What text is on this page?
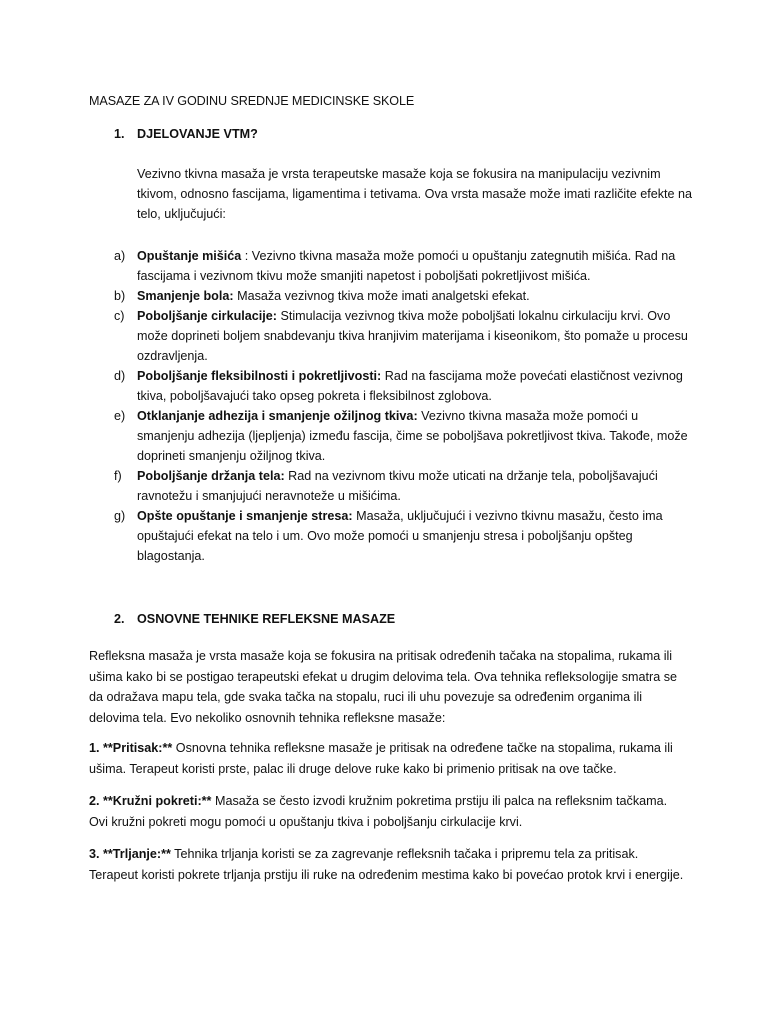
MASAZE ZA IV GODINU SREDNJE MEDICINSKE SKOLE
1. DJELOVANJE VTM?
Vezivno tkivna masaža je vrsta terapeutske masaže koja se fokusira na manipulaciju vezivnim tkivom, odnosno fascijama, ligamentima i tetivama. Ova vrsta masaže može imati različite efekte na telo, uključujući:
a) Opuštanje mišića : Vezivno tkivna masaža može pomoći u opuštanju zategnutih mišića. Rad na fascijama i vezivnom tkivu može smanjiti napetost i poboljšati pokretljivost mišića.
b) Smanjenje bola: Masaža vezivnog tkiva može imati analgetski efekat.
c) Poboljšanje cirkulacije: Stimulacija vezivnog tkiva može poboljšati lokalnu cirkulaciju krvi. Ovo može doprineti boljem snabdevanju tkiva hranjivim materijama i kiseonikom, što pomaže u procesu ozdravljenja.
d) Poboljšanje fleksibilnosti i pokretljivosti: Rad na fascijama može povećati elastičnost vezivnog tkiva, poboljšavajući tako opseg pokreta i fleksibilnost zglobova.
e) Otklanjanje adhezija i smanjenje ožiljnog tkiva: Vezivno tkivna masaža može pomoći u smanjenju adhezija (ljepljenja) između fascija, čime se poboljšava pokretljivost tkiva. Takođe, može doprineti smanjenju ožiljnog tkiva.
f) Poboljšanje držanja tela: Rad na vezivnom tkivu može uticati na držanje tela, poboljšavajući ravnotežu i smanjujući neravnoteže u mišićima.
g) Opšte opuštanje i smanjenje stresa: Masaža, uključujući i vezivno tkivnu masažu, često ima opuštajući efekat na telo i um. Ovo može pomoći u smanjenju stresa i poboljšanju opšteg blagostanja.
2. OSNOVNE TEHNIKE REFLEKSNE MASAZE
Refleksna masaža je vrsta masaže koja se fokusira na pritisak određenih tačaka na stopalima, rukama ili ušima kako bi se postigao terapeutski efekat u drugim delovima tela. Ova tehnika refleksologije smatra se da odražava mapu tela, gde svaka tačka na stopalu, ruci ili uhu povezuje sa određenim organima ili delovima tela. Evo nekoliko osnovnih tehnika refleksne masaže:
1. **Pritisak:** Osnovna tehnika refleksne masaže je pritisak na određene tačke na stopalima, rukama ili ušima. Terapeut koristi prste, palac ili druge delove ruke kako bi primenio pritisak na ove tačke.
2. **Kružni pokreti:** Masaža se često izvodi kružnim pokretima prstiju ili palca na refleksnim tačkama. Ovi kružni pokreti mogu pomoći u opuštanju tkiva i poboljšanju cirkulacije krvi.
3. **Trljanje:** Tehnika trljanja koristi se za zagrevanje refleksnih tačaka i pripremu tela za pritisak. Terapeut koristi pokrete trljanja prstiju ili ruke na određenim mestima kako bi povećao protok krvi i energije.
